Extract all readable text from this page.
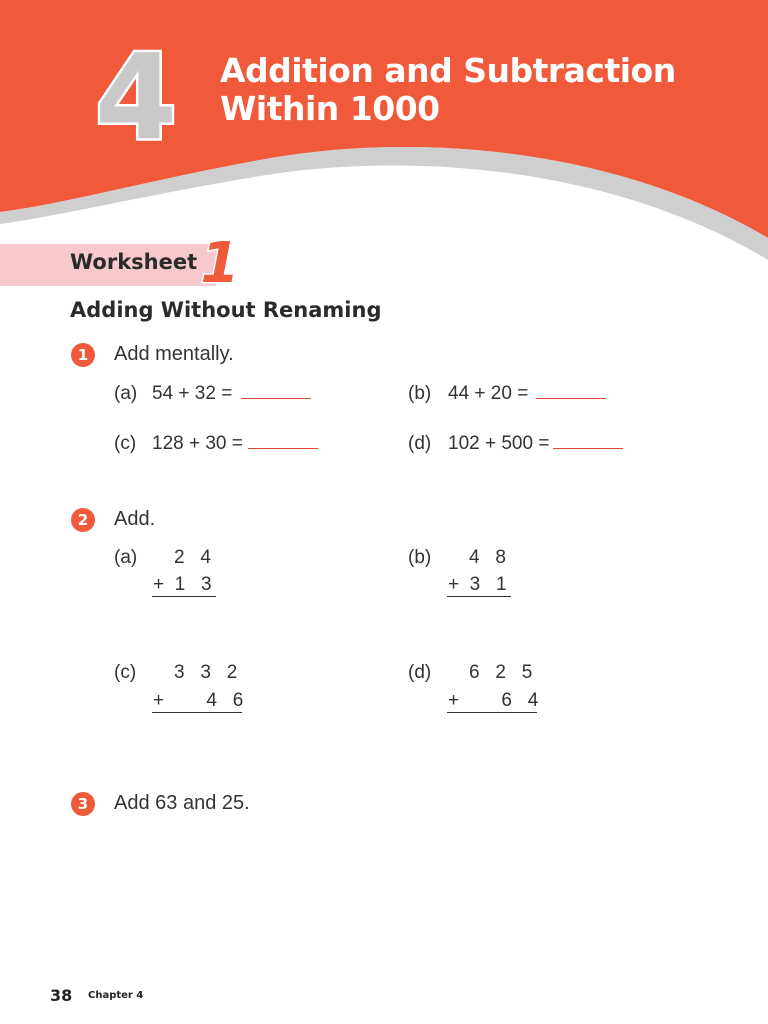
4 Addition and Subtraction
Within 1000
Worksheet 1
Adding Without Renaming
1	Add mentally.
(a) 54 + 32 =	(b) 44 + 20 =
(c) 128 + 30 =	(d) 102 + 500 =
2	Add.
(a) 2   4
+  1   3
(b) 4   8
+  3   1
(c) 3   3   2
+        4   6
(d) 6   2   5
+        6   4
3	Add 63 and 25.
38 Chapter 4
